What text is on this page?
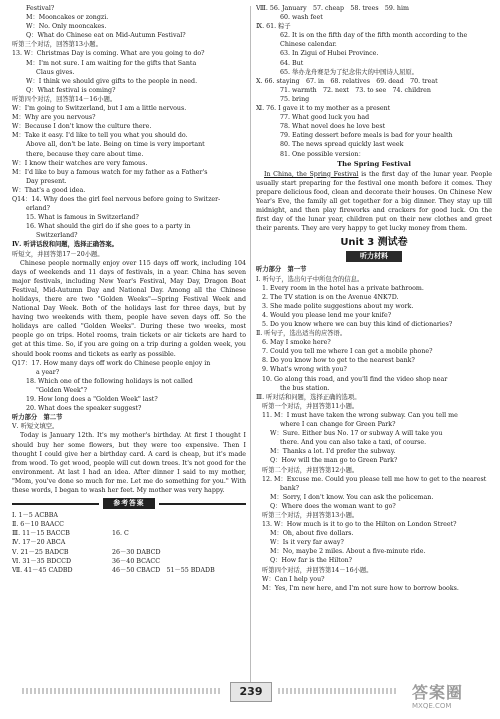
Festival?
M：Mooncakes or zongzi.
W：No. Only mooncakes.
Q：What do Chinese eat on Mid-Autumn Festival?
听第三个对话，回答第13小题。
13. W：Christmas Day is coming. What are you going to do?
M：I'm not sure. I am waiting for the gifts that Santa
Claus gives.
W：I think we should give gifts to the people in need.
Q：What festival is coming?
听第四个对话，回答第14－16小题。
W：I'm going to Switzerland, but I am a little nervous.
M：Why are you nervous?
W：Because I don't know the culture there.
M：Take it easy. I'd like to tell you what you should do.
Above all, don't be late. Being on time is very important
there, because they care about time.
W：I know their watches are very famous.
M：I'd like to buy a famous watch for my father as a Father's
Day present.
W：That's a good idea.
Q14：14. Why does the girl feel nervous before going to Switzer-
erland?
15. What is famous in Switzerland?
16. What should the girl do if she goes to a party in
Switzerland?
Ⅳ. 听讲话段和问题，选择正确答案。
听短文，并回答第17－20小题。
Chinese people normally enjoy over 115 days off work, including 104 days of weekends and 11 days of festivals, in a year. China has seven major festivals, including New Year's Festival, May Day, Dragon Boat Festival, Mid-Autumn Day and National Day. Among all the Chinese holidays, there are two "Golden Weeks"—Spring Festival Week and National Day Week. Both of the holidays last for three days, but by having two weekends with them, people have seven days off. So the holidays are called "Golden Weeks". During these two weeks, most people go on trips. Hotel rooms, train tickets or air tickets are hard to get at this time. So, if you are going on a trip during a golden week, you should book rooms and tickets as early as possible.
Q17：17. How many days off work do Chinese people enjoy in
a year?
18. Which one of the following holidays is not called
"Golden Week"?
19. How long does a "Golden Week" last?
20. What does the speaker suggest?
听力部分　第二节
Ⅴ. 听短文填空。
Today is January 12th. It's my mother's birthday. At first I thought I should buy her some flowers, but they were too expensive. Then I thought I could give her a birthday card. A card is cheap, but it's made from wood. To get wood, people will cut down trees. It's not good for the environment. At last I had an idea. After dinner I said to my mother, "Mom, you've done so much for me. Let me do something for you." With these words, I began to wash her feet. My mother was very happy.
参考答案
Ⅰ. 1－5 ACBBA
Ⅱ. 6－10 BAACC
Ⅲ. 11－15 BACCB	16. C
Ⅳ. 17－20 ABCA
Ⅴ. 21－25 BADCB	26－30 DABCD
Ⅵ. 31－35 BDCCD	36－40 BCACC
Ⅶ. 41－45 CADBD	46－50 CBACD　51－55 BDADB
Ⅷ. 56. January　57. cheap　58. trees　59. him
60. wash feet
Ⅸ. 61. 粽子
62. It is on the fifth day of the fifth month according to the
Chinese calendar.
63. In Zigui of Hubei Province.
64. But
65. 举办龙舟赛是为了纪念伟大的中国诗人屈原。
Ⅹ. 66. staying　67. in　68. relatives　69. dead　70. treat
71. warmth　72. next　73. to see　74. children
75. bring
Ⅺ. 76. I gave it to my mother as a present
77. What good luck you had
78. What novel does he love best
79. Eating dessert before meals is bad for your health
80. The news spread quickly last week
81. One possible version：
The Spring Festival
In China, the Spring Festival is the first day of the lunar year. People usually start preparing for the festival one month before it comes. They prepare delicious food, clean and decorate their houses. On Chinese New Year's Eve, the family all get together for a big dinner. They stay up till midnight, and then play fireworks and crackers for good luck. On the first day of the lunar year, children put on their new clothes and greet their parents. They are very happy to get lucky money from them.
Unit 3 测试卷
听力材料
听力部分　第一节
Ⅰ. 听句子，选出句子中所包含的信息。
1. Every room in the hotel has a private bathroom.
2. The TV station is on the Avenue 4NK7D.
3. She made polite suggestions about my work.
4. Would you please lend me your knife?
5. Do you know where we can buy this kind of dictionaries?
Ⅱ. 听句子，选出适当的应答语。
6. May I smoke here?
7. Could you tell me where I can get a mobile phone?
8. Do you know how to get to the nearest bank?
9. What's wrong with you?
10. Go along this road, and you'll find the video shop near
the bus station.
Ⅲ. 听对话和问题，选择正确的选项。
听第一个对话，并回答第11小题。
11. M：I must have taken the wrong subway. Can you tell me
where I can change for Green Park?
W：Sure. Either bus No. 17 or subway A will take you
there. And you can also take a taxi, of course.
M：Thanks a lot. I'd prefer the subway.
Q：How will the man go to Green Park?
听第二个对话，并回答第12小题。
12. M：Excuse me. Could you please tell me how to get to the nearest
bank?
M：Sorry, I don't know. You can ask the policeman.
Q：Where does the woman want to go?
听第三个对话，并回答第13小题。
13. W：How much is it to go to the Hilton on London Street?
M：Oh, about five dollars.
W：Is it very far away?
M：No, maybe 2 miles. About a five-minute ride.
Q：How far is the Hilton?
听第四个对话，并回答第14－16小题。
W：Can I help you?
M：Yes, I'm new here, and I'm not sure how to borrow books.
239	答案圈
MXQE.COM
